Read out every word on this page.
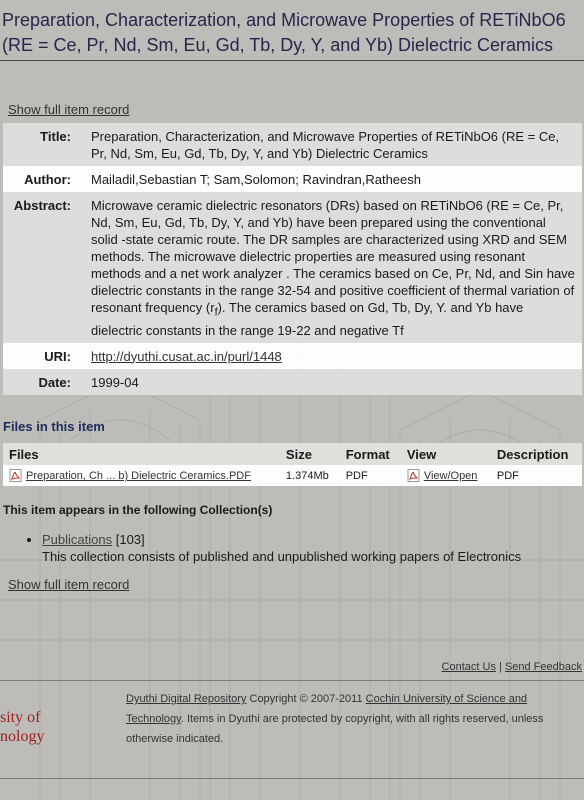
Preparation, Characterization, and Microwave Properties of RETiNbO6 (RE = Ce, Pr, Nd, Sm, Eu, Gd, Tb, Dy, Y, and Yb) Dielectric Ceramics
Show full item record
Title:	Preparation, Characterization, and Microwave Properties of RETiNbO6 (RE = Ce, Pr, Nd, Sm, Eu, Gd, Tb, Dy, Y, and Yb) Dielectric Ceramics
Author:	Mailadil,Sebastian T; Sam,Solomon; Ravindran,Ratheesh
Abstract:	Microwave ceramic dielectric resonators (DRs) based on RETiNbO6 (RE = Ce, Pr, Nd, Sm, Eu, Gd, Tb, Dy, Y, and Yb) have been prepared using the conventional solid -state ceramic route. The DR samples are characterized using XRD and SEM methods. The microwave dielectric properties are measured using resonant methods and a net work analyzer . The ceramics based on Ce, Pr, Nd, and Sin have dielectric constants in the range 32-54 and positive coefficient of thermal variation of resonant frequency $(r_f)$. The ceramics based on Gd, Tb, Dy, Y. and Yb have dielectric constants in the range 19-22 and negative Tf
URI:	http://dyuthi.cusat.ac.in/purl/1448
Date:	1999-04
Files in this item
Files	Size	Format	View	Description
Preparation, Ch ... b) Dielectric Ceramics.PDF	1.374Mb	PDF	View/Open	PDF
This item appears in the following Collection(s)
• Publications [103]
This collection consists of published and unpublished working papers of Electronics
Show full item record
Contact Us | Send Feedback
sity of
nology
Dyuthi Digital Repository Copyright © 2007-2011 Cochin University of Science and Technology. Items in Dyuthi are protected by copyright, with all rights reserved, unless otherwise indicated.
